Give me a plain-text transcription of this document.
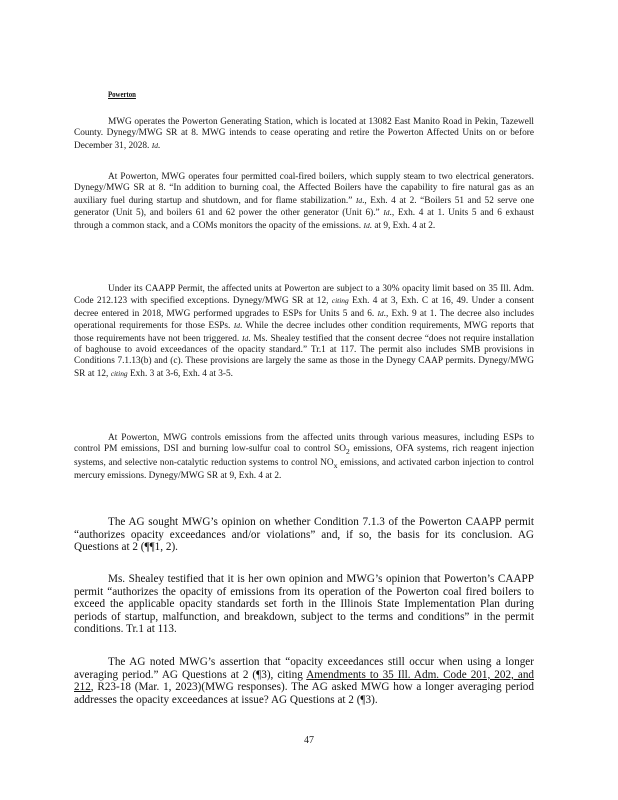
Powerton

MWG operates the Powerton Generating Station, which is located at 13082 East Manito Road in Pekin, Tazewell County. Dynegy/MWG SR at 8. MWG intends to cease operating and retire the Powerton Affected Units on or before December 31, 2028. Id.

At Powerton, MWG operates four permitted coal-fired boilers, which supply steam to two electrical generators. Dynegy/MWG SR at 8. “In addition to burning coal, the Affected Boilers have the capability to fire natural gas as an auxiliary fuel during startup and shutdown, and for flame stabilization.” Id., Exh. 4 at 2. “Boilers 51 and 52 serve one generator (Unit 5), and boilers 61 and 62 power the other generator (Unit 6).” Id., Exh. 4 at 1. Units 5 and 6 exhaust through a common stack, and a COMs monitors the opacity of the emissions. Id. at 9, Exh. 4 at 2.

Under its CAAPP Permit, the affected units at Powerton are subject to a 30% opacity limit based on 35 Ill. Adm. Code 212.123 with specified exceptions. Dynegy/MWG SR at 12, citing Exh. 4 at 3, Exh. C at 16, 49. Under a consent decree entered in 2018, MWG performed upgrades to ESPs for Units 5 and 6. Id., Exh. 9 at 1. The decree also includes operational requirements for those ESPs. Id. While the decree includes other condition requirements, MWG reports that those requirements have not been triggered. Id. Ms. Shealey testified that the consent decree “does not require installation of baghouse to avoid exceedances of the opacity standard.” Tr.1 at 117. The permit also includes SMB provisions in Conditions 7.1.13(b) and (c). These provisions are largely the same as those in the Dynegy CAAP permits. Dynegy/MWG SR at 12, citing Exh. 3 at 3-6, Exh. 4 at 3-5.

At Powerton, MWG controls emissions from the affected units through various measures, including ESPs to control PM emissions, DSI and burning low-sulfur coal to control $SO_2$ emissions, OFA systems, rich reagent injection systems, and selective non-catalytic reduction systems to control $NO_x$ emissions, and activated carbon injection to control mercury emissions. Dynegy/MWG SR at 9, Exh. 4 at 2.

The AG sought MWG’s opinion on whether Condition 7.1.3 of the Powerton CAAPP permit “authorizes opacity exceedances and/or violations” and, if so, the basis for its conclusion. AG Questions at 2 (¶¶1, 2).

Ms. Shealey testified that it is her own opinion and MWG’s opinion that Powerton’s CAAPP permit “authorizes the opacity of emissions from its operation of the Powerton coal fired boilers to exceed the applicable opacity standards set forth in the Illinois State Implementation Plan during periods of startup, malfunction, and breakdown, subject to the terms and conditions” in the permit conditions. Tr.1 at 113.

The AG noted MWG’s assertion that “opacity exceedances still occur when using a longer averaging period.” AG Questions at 2 (¶3), citing Amendments to 35 Ill. Adm. Code 201, 202, and 212, R23-18 (Mar. 1, 2023)(MWG responses). The AG asked MWG how a longer averaging period addresses the opacity exceedances at issue? AG Questions at 2 (¶3).

47
